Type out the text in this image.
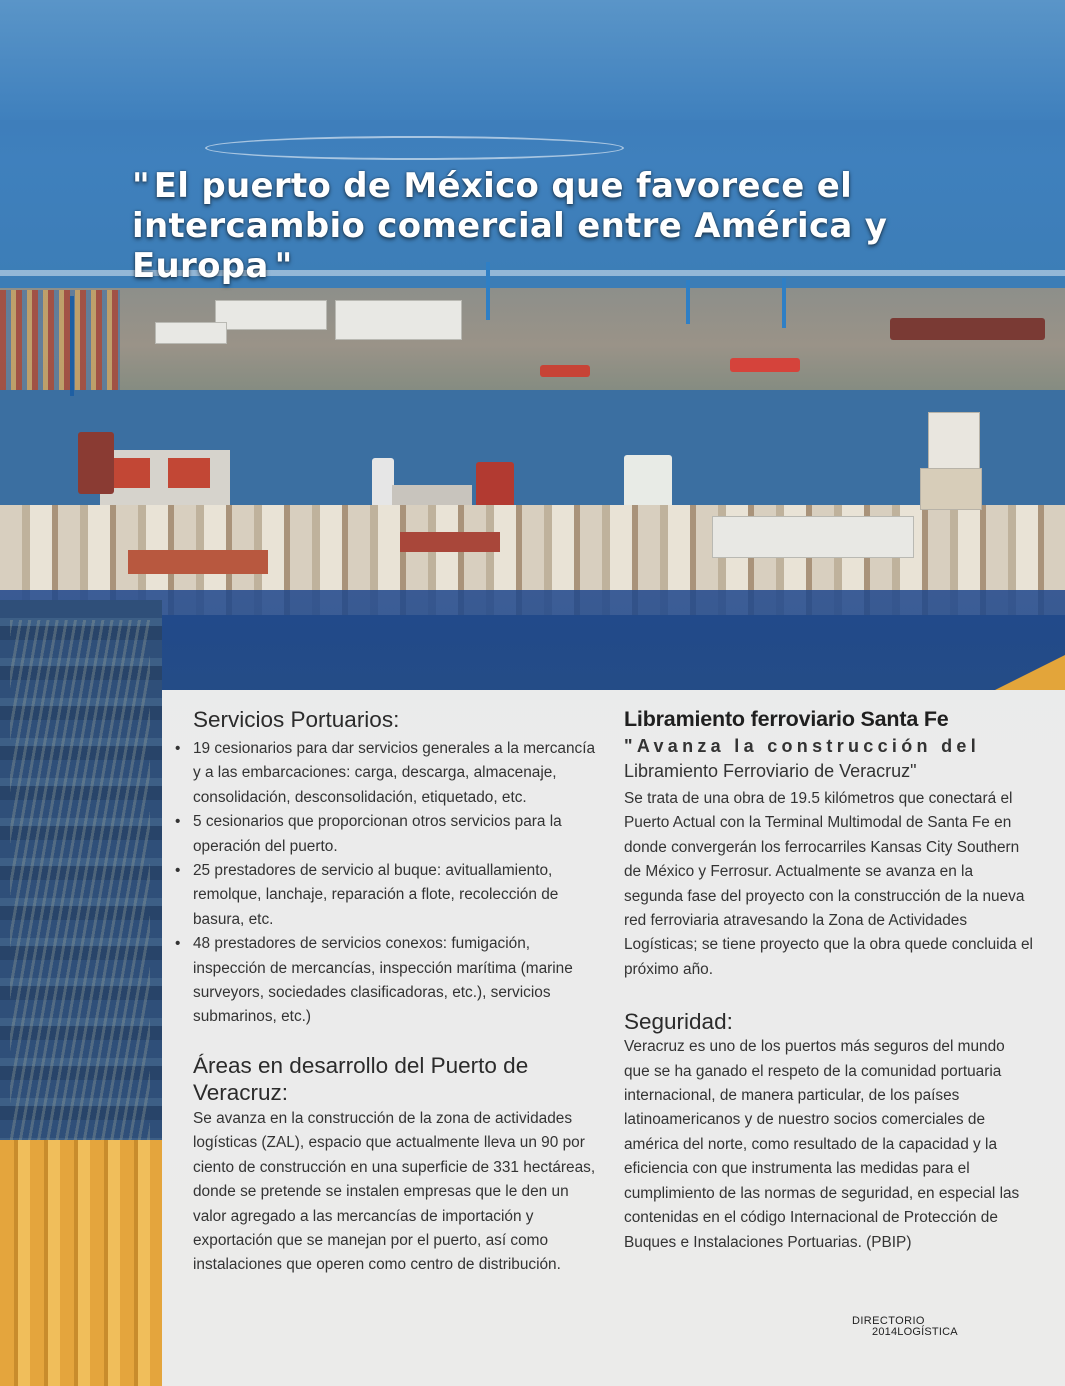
" El puerto de México que favorece el intercambio comercial entre América y Europa "
Servicios Portuarios:
• 19 cesionarios para dar servicios generales a la mercancía y a las embarcaciones: carga, descarga, almacenaje, consolidación, desconsolidación, etiquetado, etc.
• 5 cesionarios que proporcionan otros servicios para la operación del puerto.
• 25 prestadores de servicio al buque: avituallamiento, remolque, lanchaje, reparación a flote, recolección de basura, etc.
• 48 prestadores de servicios conexos: fumigación, inspección de mercancías, inspección marítima (marine surveyors, sociedades clasificadoras, etc.), servicios submarinos, etc.)
Áreas en desarrollo del Puerto de Veracruz:

Se avanza en la construcción de la zona de actividades logísticas (ZAL), espacio que actualmente lleva un 90 por ciento de construcción en una superficie de 331 hectáreas, donde se pretende se instalen empresas que le den un valor agregado a las mercancías de importación y exportación que se manejan por el puerto, así como instalaciones que operen como centro de distribución.

Libramiento ferroviario Santa Fe

"Avanza la construcción del

Libramiento Ferroviario de Veracruz"

Se trata de una obra de 19.5 kilómetros que conectará el Puerto Actual con la Terminal Multimodal de Santa Fe en donde convergerán los ferrocarriles Kansas City Southern de México y Ferrosur. Actualmente se avanza en la segunda fase del proyecto con la construcción de la nueva red ferroviaria atravesando la Zona de Actividades Logísticas; se tiene proyecto que la obra quede concluida el próximo año.

Seguridad:

Veracruz es uno de los puertos más seguros del mundo que se ha ganado el respeto de la comunidad portuaria internacional, de manera particular, de los países latinoamericanos y de nuestro socios comerciales de américa del norte, como resultado de la capacidad y la eficiencia con que instrumenta las medidas para el cumplimiento de las normas de seguridad, en especial las contenidas en el código Internacional de Protección de Buques e Instalaciones Portuarias. (PBIP)

DIRECTORIO
2014LOGÍSTICA
